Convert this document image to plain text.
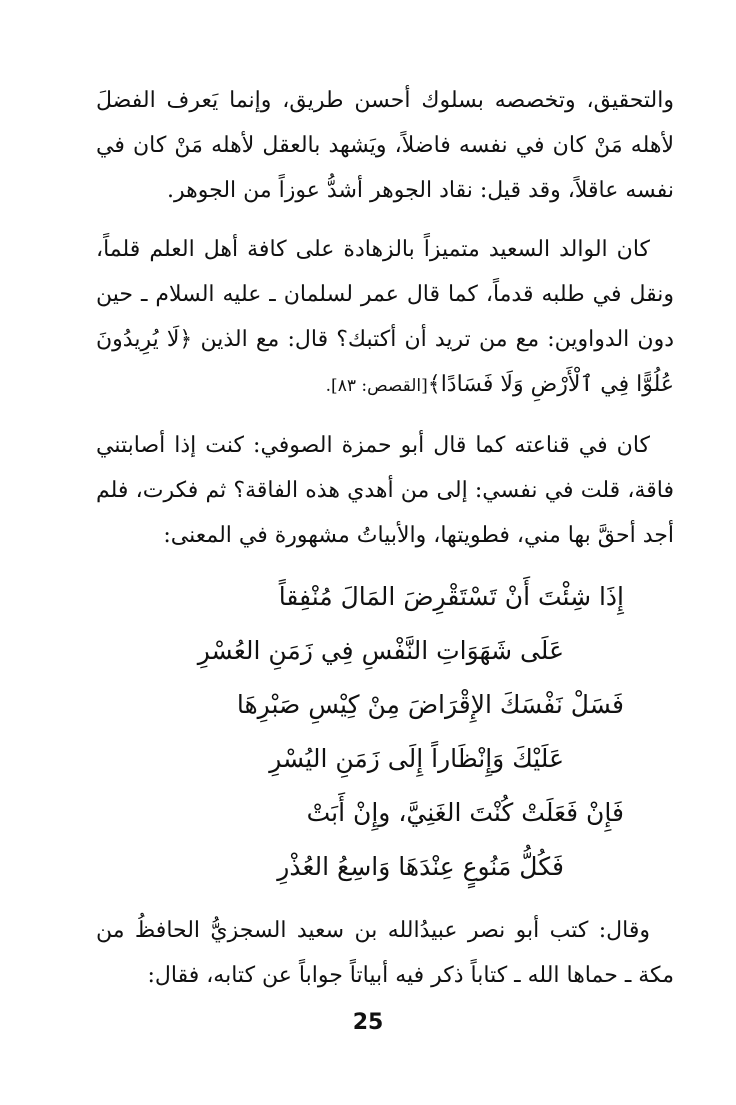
والتحقيق، وتخصصه بسلوك أحسن طريق، وإنما يَعرف الفضلَ لأهله مَنْ كان في نفسه فاضلاً، ويَشهد بالعقل لأهله مَنْ كان في نفسه عاقلاً، وقد قيل: نقاد الجوهر أشدُّ عوزاً من الجوهر.

كان الوالد السعيد متميزاً بالزهادة على كافة أهل العلم قلماً، ونقل في طلبه قدماً، كما قال عمر لسلمان ـ عليه السلام ـ حين دون الدواوين: مع من تريد أن أكتبك؟ قال: مع الذين ﴿لَا يُرِيدُونَ عُلُوًّا فِي ٱلْأَرْضِ وَلَا فَسَادًا﴾[القصص: ٨٣].

كان في قناعته كما قال أبو حمزة الصوفي: كنت إذا أصابتني فاقة، قلت في نفسي: إلى من أهدي هذه الفاقة؟ ثم فكرت، فلم أجد أحقَّ بها مني، فطويتها، والأبياتُ مشهورة في المعنى:

إِذَا شِئْتَ أَنْ تَسْتَقْرِضَ المَالَ مُنْفِقاً

عَلَى شَهَوَاتِ النَّفْسِ فِي زَمَنِ العُسْرِ

فَسَلْ نَفْسَكَ الإِقْرَاضَ مِنْ كِيْسِ صَبْرِهَا

عَلَيْكَ وَإِنْظَاراً إِلَى زَمَنِ اليُسْرِ

فَإِنْ فَعَلَتْ كُنْتَ الغَنِيَّ، وإِنْ أَبَتْ

فَكُلُّ مَنُوعٍ عِنْدَهَا وَاسِعُ العُذْرِ

وقال: كتب أبو نصر عبيدُالله بن سعيد السجزيُّ الحافظُ من مكة ـ حماها الله ـ كتاباً ذكر فيه أبياتاً جواباً عن كتابه، فقال:

25
